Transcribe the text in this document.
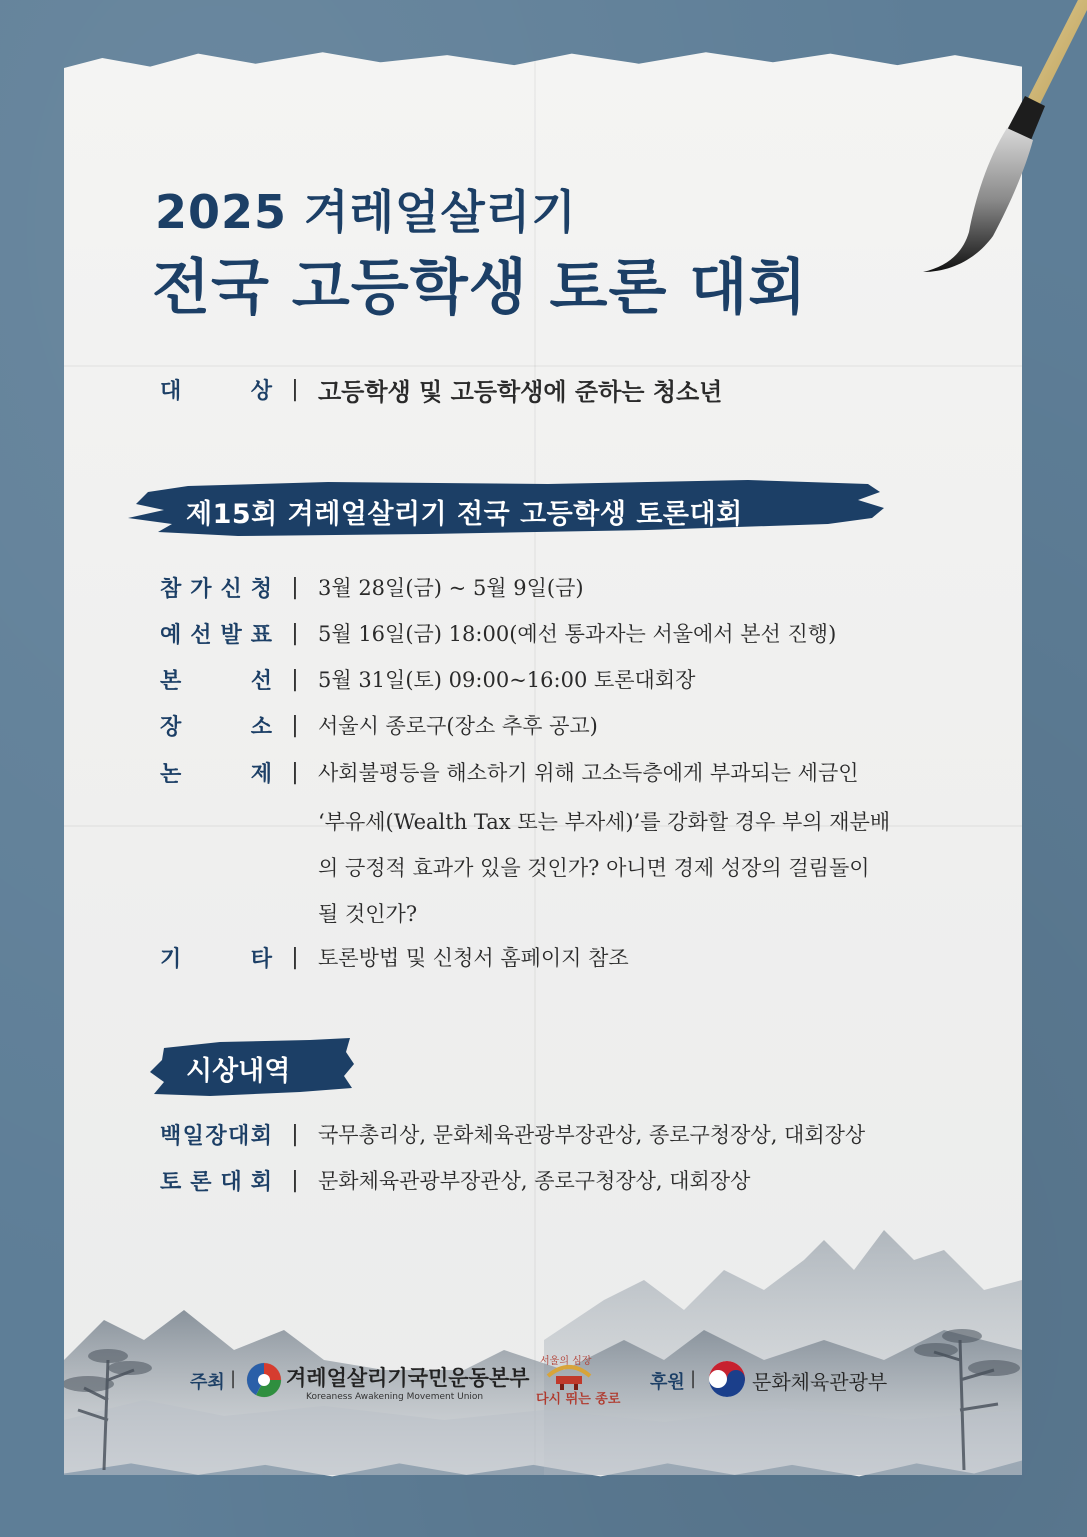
2025 겨레얼살리기
전국 고등학생 토론 대회
대	상 | 고등학생 및 고등학생에 준하는 청소년
제15회 겨레얼살리기 전국 고등학생 토론대회
참 가 신 청 | 3월 28일(금) ~ 5월 9일(금)
예 선 발 표 | 5월 16일(금) 18:00(예선 통과자는 서울에서 본선 진행)
본	선 | 5월 31일(토) 09:00~16:00 토론대회장
장	소 | 서울시 종로구(장소 추후 공고)
논	제 | 사회불평등을 해소하기 위해 고소득층에게 부과되는 세금인
‘부유세(Wealth Tax 또는 부자세)’를 강화할 경우 부의 재분배
의 긍정적 효과가 있을 것인가? 아니면 경제 성장의 걸림돌이
될 것인가?
기	타 | 토론방법 및 신청서 홈페이지 참조
시상내역
백 일 장 대 회 | 국무총리상, 문화체육관광부장관상, 종로구청장상, 대회장상
토 론 대 회 | 문화체육관광부장관상, 종로구청장상, 대회장상
주최 | 겨레얼살리기국민운동본부
Koreaness Awakening Movement Union
서울의 심장
다시 뛰는 종로
후원 |	문화체육관광부
